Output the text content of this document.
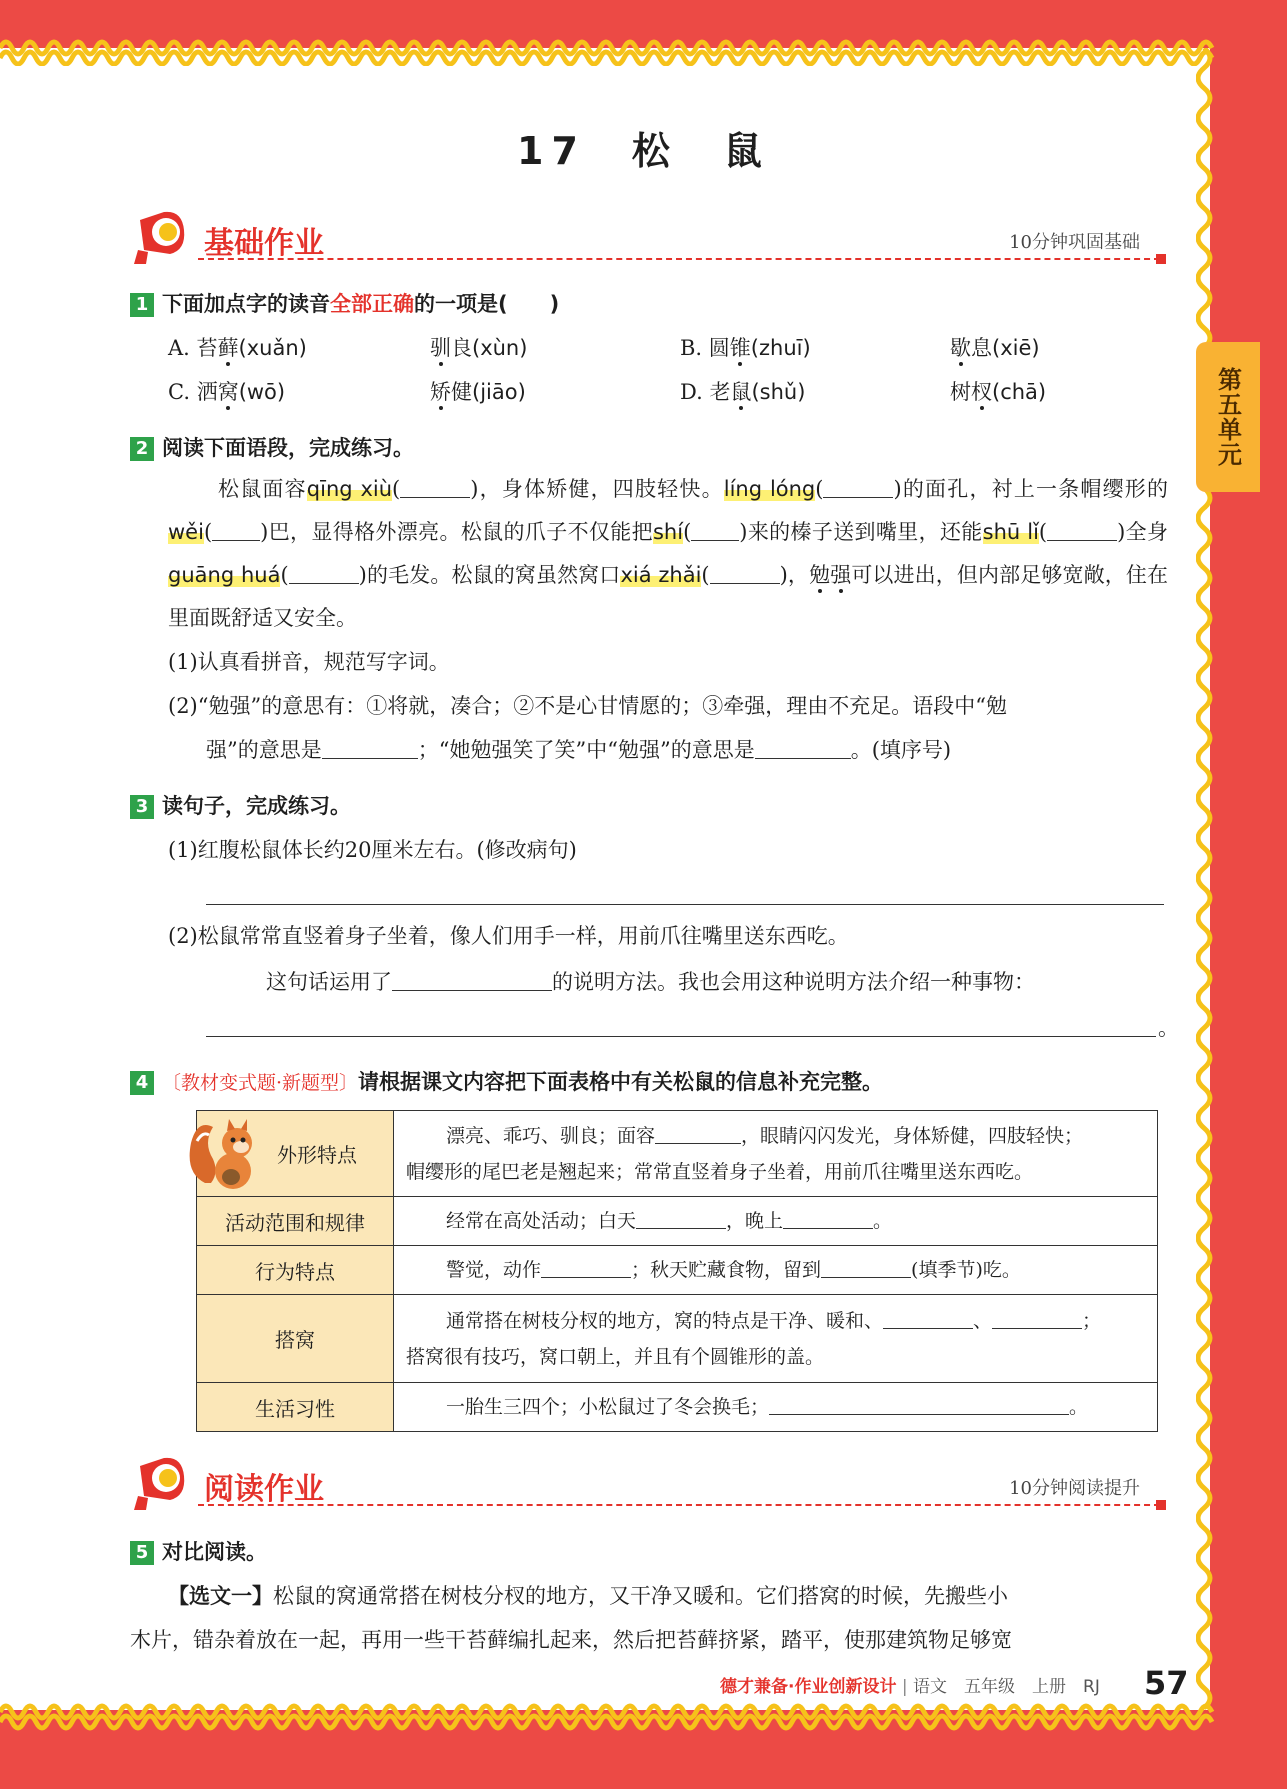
第五单元
17　松　鼠
基础作业	10分钟巩固基础
1 下面加点字的读音全部正确的一项是(　　)
A. 苔藓(xuǎn)	驯良(xùn)	B. 圆锥(zhuī)	歇息(xiē)
C. 洒窝(wō)	矫健(jiāo)	D. 老鼠(shǔ)	树杈(chā)
2 阅读下面语段，完成练习。
松鼠面容qīng xiù(	)，身体矫健，四肢轻快。líng lóng(	)的面孔，衬上一条帽缨形的wěi( )巴，显得格外漂亮。松鼠的爪子不仅能把shí( )来的榛子送到嘴里，还能shū lǐ(	)全身guāng huá(	)的毛发。松鼠的窝虽然窝口xiá zhǎi(	)，勉强可以进出，但内部足够宽敞，住在里面既舒适又安全。
(1)认真看拼音，规范写字词。
(2)“勉强”的意思有：①将就，凑合；②不是心甘情愿的；③牵强，理由不充足。语段中“勉
强”的意思是	；“她勉强笑了笑”中“勉强”的意思是	。(填序号)
3 读句子，完成练习。
(1)红腹松鼠体长约20厘米左右。(修改病句)
(2)松鼠常常直竖着身子坐着，像人们用手一样，用前爪往嘴里送东西吃。
这句话运用了	的说明方法。我也会用这种说明方法介绍一种事物：
。
4 〔教材变式题·新题型〕请根据课文内容把下面表格中有关松鼠的信息补充完整。
外形特点	漂亮、乖巧、驯良；面容 ，眼睛闪闪发光，身体矫健，四肢轻快；
帽缨形的尾巴老是翘起来；常常直竖着身子坐着，用前爪往嘴里送东西吃。

活动范围和规律	经常在高处活动；白天 ，晚上 。

行为特点	警觉，动作 ；秋天贮藏食物，留到 (填季节)吃。

搭窝	通常搭在树枝分杈的地方，窝的特点是干净、暖和、 、 ；
搭窝很有技巧，窝口朝上，并且有个圆锥形的盖。

生活习性	一胎生三四个；小松鼠过了冬会换毛； 。
阅读作业	10分钟阅读提升
5 对比阅读。
【选文一】松鼠的窝通常搭在树枝分杈的地方，又干净又暖和。它们搭窝的时候，先搬些小
木片，错杂着放在一起，再用一些干苔藓编扎起来，然后把苔藓挤紧，踏平，使那建筑物足够宽
德才兼备·作业创新设计 | 语文　五年级　上册　RJ 57
